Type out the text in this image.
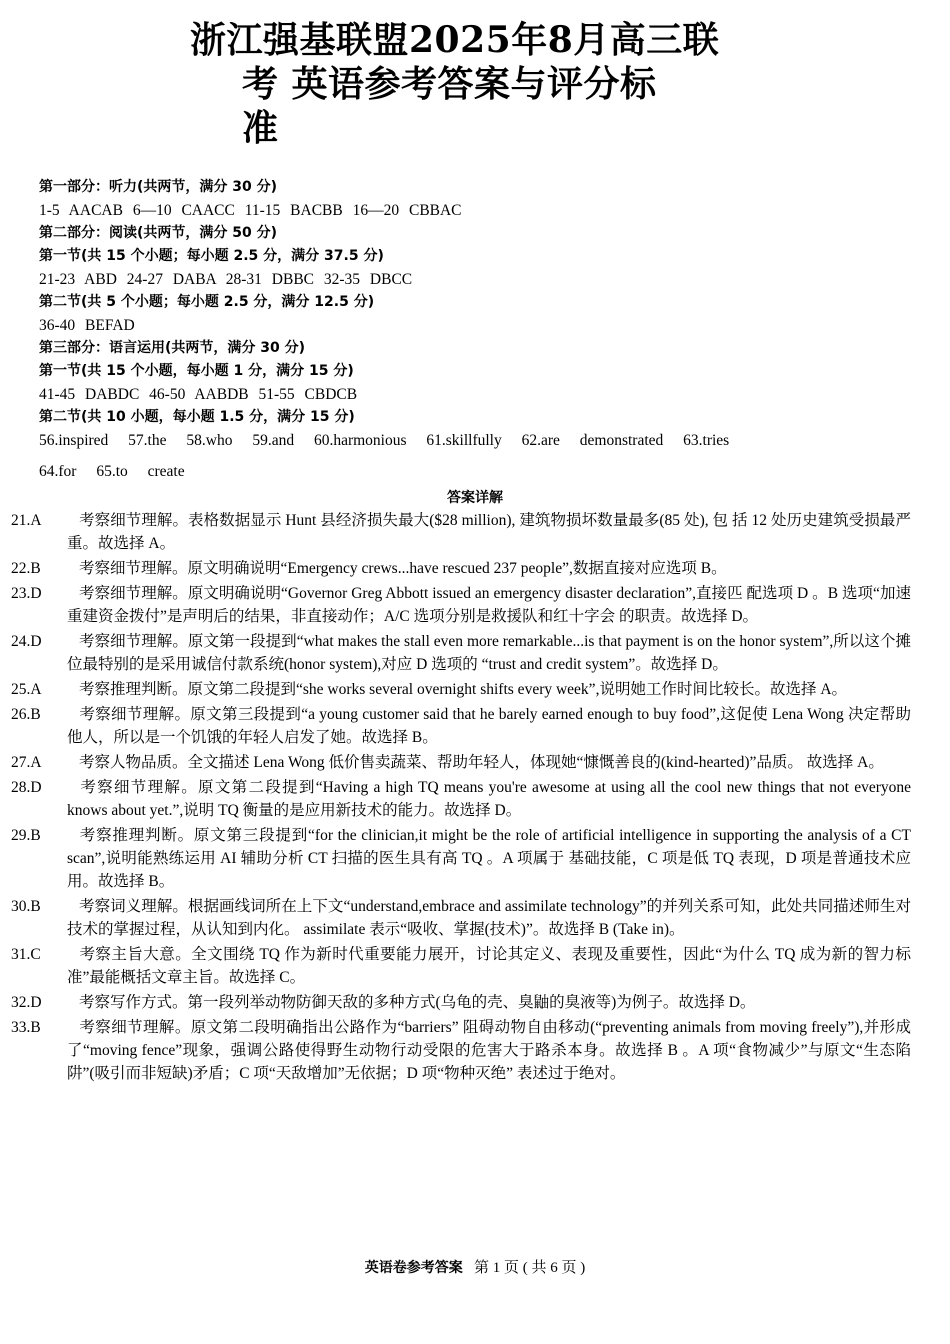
浙江强基联盟2025年8月高三联
考 英语参考答案与评分标
准

第一部分：听力(共两节，满分 30 分)

1-5 AACAB 6—10 CAACC 11-15 BACBB 16—20 CBBAC

第二部分：阅读(共两节，满分 50 分)

第一节(共 15 个小题；每小题 2.5 分，满分 37.5 分)

21-23 ABD 24-27 DABA 28-31 DBBC 32-35 DBCC

第二节(共 5 个小题；每小题 2.5 分，满分 12.5 分)

36-40 BEFAD

第三部分：语言运用(共两节，满分 30 分)

第一节(共 15 个小题，每小题 1 分，满分 15 分)

41-45 DABDC 46-50 AABDB 51-55 CBDCB

第二节(共 10 小题，每小题 1.5 分，满分 15 分)

56.inspired 57.the 58.who 59.and 60.harmonious 61.skillfully 62.are demonstrated 63.tries

64.for 65.to create

答案详解

21.A 考察细节理解。表格数据显示 Hunt 县经济损失最大($28 million), 建筑物损坏数量最多(85 处), 包 括 12 处历史建筑受损最严重。故选择 A。

22.B 考察细节理解。原文明确说明“Emergency crews...have rescued 237 people”,数据直接对应选项 B。

23.D 考察细节理解。原文明确说明“Governor Greg Abbott issued an emergency disaster declaration”,直接匹 配选项 D 。B 选项“加速重建资金拨付”是声明后的结果，非直接动作；A/C 选项分别是救援队和红十字会 的职责。故选择 D。

24.D 考察细节理解。原文第一段提到“what makes the stall even more remarkable...is that payment is on the honor system”,所以这个摊位最特别的是采用诚信付款系统(honor system),对应 D 选项的 “trust and credit system”。故选择 D。

25.A 考察推理判断。原文第二段提到“she works several overnight shifts every week”,说明她工作时间比较长。故选择 A。

26.B 考察细节理解。原文第三段提到“a young customer said that he barely earned enough to buy food”,这促使 Lena Wong 决定帮助他人，所以是一个饥饿的年轻人启发了她。故选择 B。

27.A 考察人物品质。全文描述 Lena Wong 低价售卖蔬菜、帮助年轻人，体现她“慷慨善良的(kind-hearted)”品质。 故选择 A。

28.D 考察细节理解。原文第二段提到“Having a high TQ means you're awesome at using all the cool new things that not everyone knows about yet.”,说明 TQ 衡量的是应用新技术的能力。故选择 D。

29.B 考察推理判断。原文第三段提到“for the clinician,it might be the role of artificial intelligence in supporting the analysis of a CT scan”,说明能熟练运用 AI 辅助分析 CT 扫描的医生具有高 TQ 。A 项属于 基础技能，C 项是低 TQ 表现，D 项是普通技术应用。故选择 B。

30.B 考察词义理解。根据画线词所在上下文“understand,embrace and assimilate technology”的并列关系可知，此处共同描述师生对技术的掌握过程，从认知到内化。 assimilate 表示“吸收、掌握(技术)”。故选择 B (Take in)。

31.C 考察主旨大意。全文围绕 TQ 作为新时代重要能力展开，讨论其定义、表现及重要性，因此“为什么 TQ 成为新的智力标准”最能概括文章主旨。故选择 C。

32.D 考察写作方式。第一段列举动物防御天敌的多种方式(乌龟的壳、臭鼬的臭液等)为例子。故选择 D。

33.B 考察细节理解。原文第二段明确指出公路作为“barriers” 阻碍动物自由移动(“preventing animals from moving freely”),并形成了“moving fence”现象，强调公路使得野生动物行动受限的危害大于路杀本身。故选择 B 。A 项“食物减少”与原文“生态陷阱”(吸引而非短缺)矛盾；C 项“天敌增加”无依据；D 项“物种灭绝” 表述过于绝对。

英语卷参考答案 第 1 页 ( 共 6 页 )
